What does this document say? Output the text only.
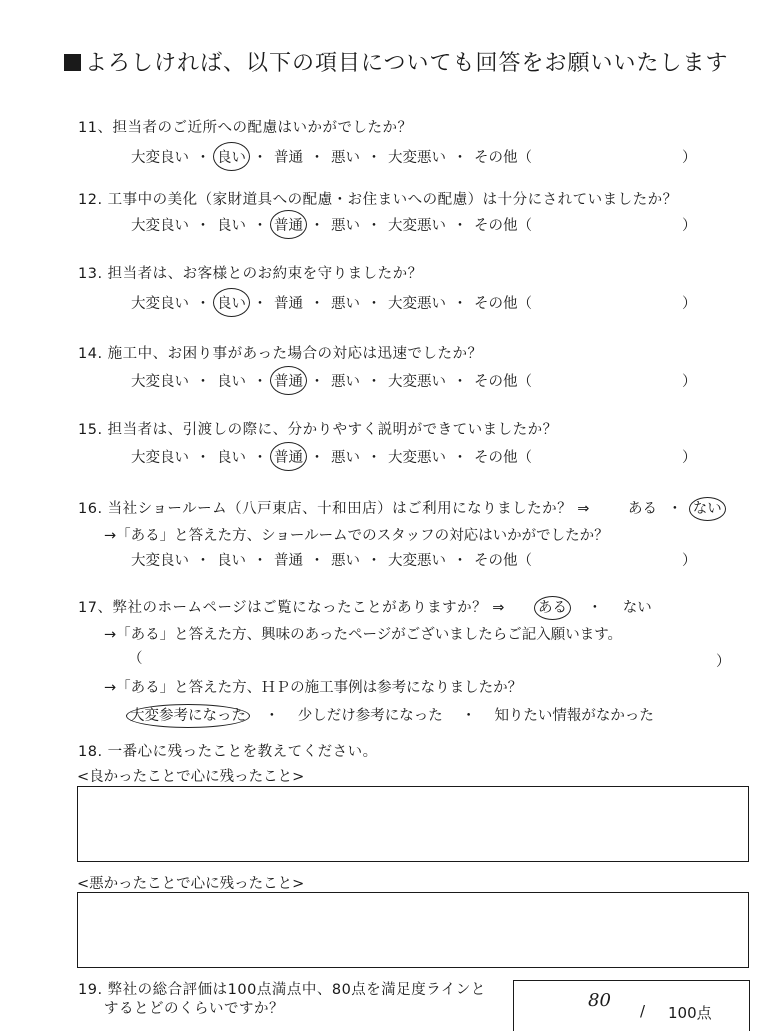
よろしければ、以下の項目についても回答をお願いいたします
11、担当者のご近所への配慮はいかがでしたか？
大変良い ・ 良い ・ 普通 ・ 悪い ・ 大変悪い ・ その他（	）
12. 工事中の美化（家財道具への配慮・お住まいへの配慮）は十分にされていましたか？
大変良い ・ 良い ・ 普通 ・ 悪い ・ 大変悪い ・ その他（	）
13. 担当者は、お客様とのお約束を守りましたか？
大変良い ・ 良い ・ 普通 ・ 悪い ・ 大変悪い ・ その他（	）
14. 施工中、お困り事があった場合の対応は迅速でしたか？
大変良い ・ 良い ・ 普通 ・ 悪い ・ 大変悪い ・ その他（	）
15. 担当者は、引渡しの際に、分かりやすく説明ができていましたか？
大変良い ・ 良い ・ 普通 ・ 悪い ・ 大変悪い ・ その他（	）
16. 当社ショールーム（八戸東店、十和田店）はご利用になりましたか？ ⇒	ある ・ ない
→「ある」と答えた方、ショールームでのスタッフの対応はいかがでしたか？
大変良い ・ 良い ・ 普通 ・ 悪い ・ 大変悪い ・ その他（	）
17、弊社のホームページはご覧になったことがありますか？ ⇒ ある ・ ない
→「ある」と答えた方、興味のあったページがございましたらご記入願います。
（	）
→「ある」と答えた方、ＨＰの施工事例は参考になりましたか？
大変参考になった ・ 少しだけ参考になった ・ 知りたい情報がなかった
18. 一番心に残ったことを教えてください。
<良かったことで心に残ったこと>
<悪かったことで心に残ったこと>
19. 弊社の総合評価は100点満点中、80点を満足度ラインと
するとどのくらいですか？	80 / 100点
